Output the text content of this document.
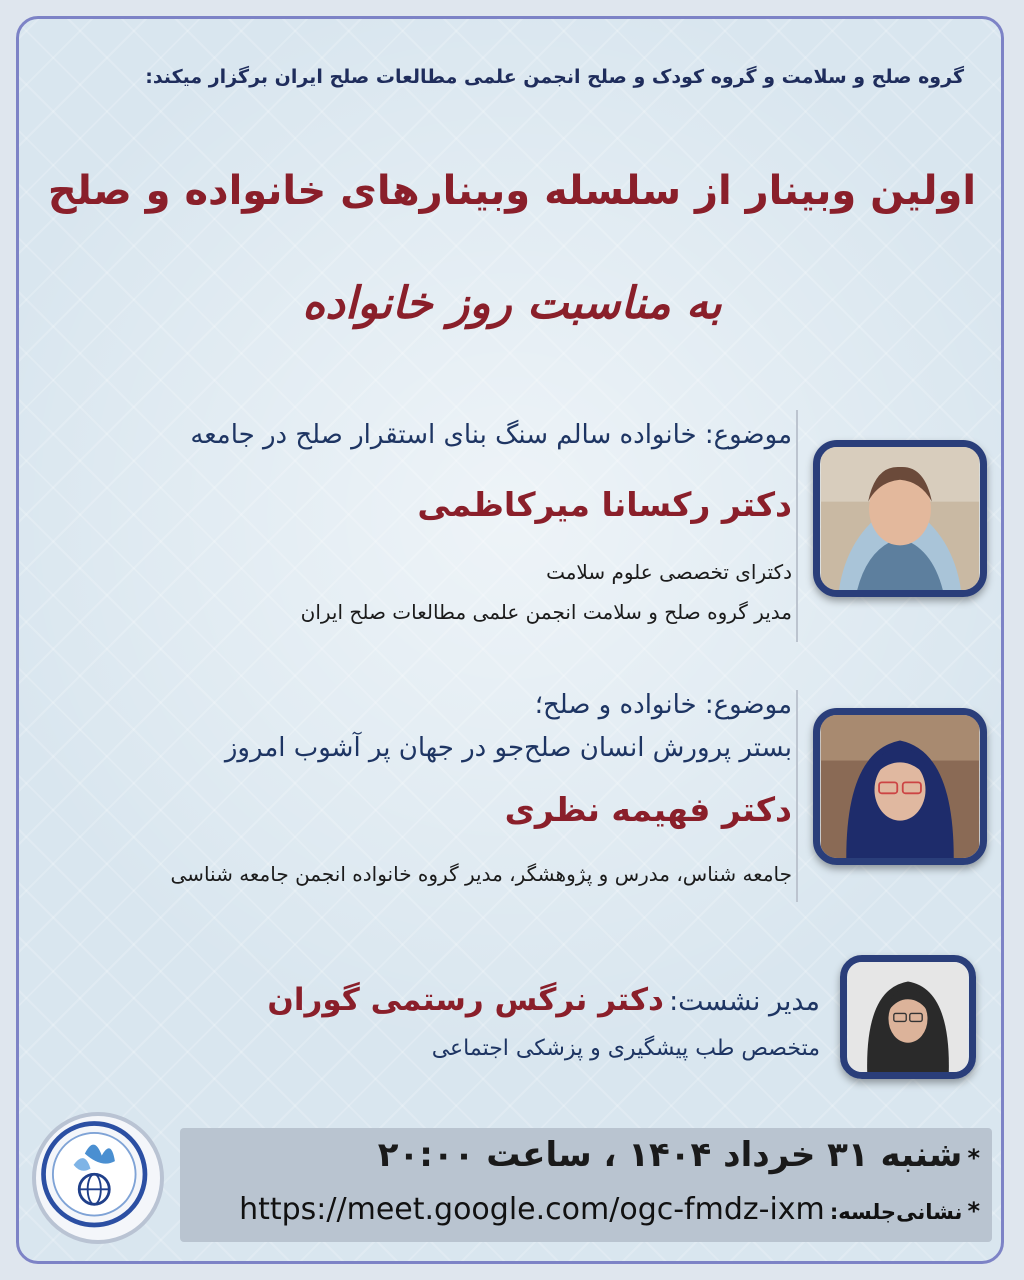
گروه صلح و سلامت و گروه کودک و صلح انجمن علمی مطالعات صلح ایران برگزار میکند:
اولین وبینار از سلسله وبینارهای خانواده و صلح
به مناسبت روز خانواده
موضوع: خانواده سالم سنگ بنای استقرار صلح در جامعه
دکتر رکسانا میرکاظمی
دکترای تخصصی علوم سلامت
مدیر گروه صلح و سلامت انجمن علمی مطالعات صلح ایران
موضوع: خانواده و صلح؛
بستر پرورش انسان صلح‌جو در جهان پر آشوب امروز
دکتر فهیمه نظری
جامعه شناس، مدرس و پژوهشگر، مدیر گروه خانواده انجمن جامعه شناسی
مدیر نشست: دکتر نرگس رستمی گوران
متخصص طب پیشگیری و پزشکی اجتماعی
* شنبه ۳۱ خرداد ۱۴۰۴ ، ساعت ۲۰:۰۰
* نشانی‌جلسه: https://meet.google.com/ogc-fmdz-ixm
